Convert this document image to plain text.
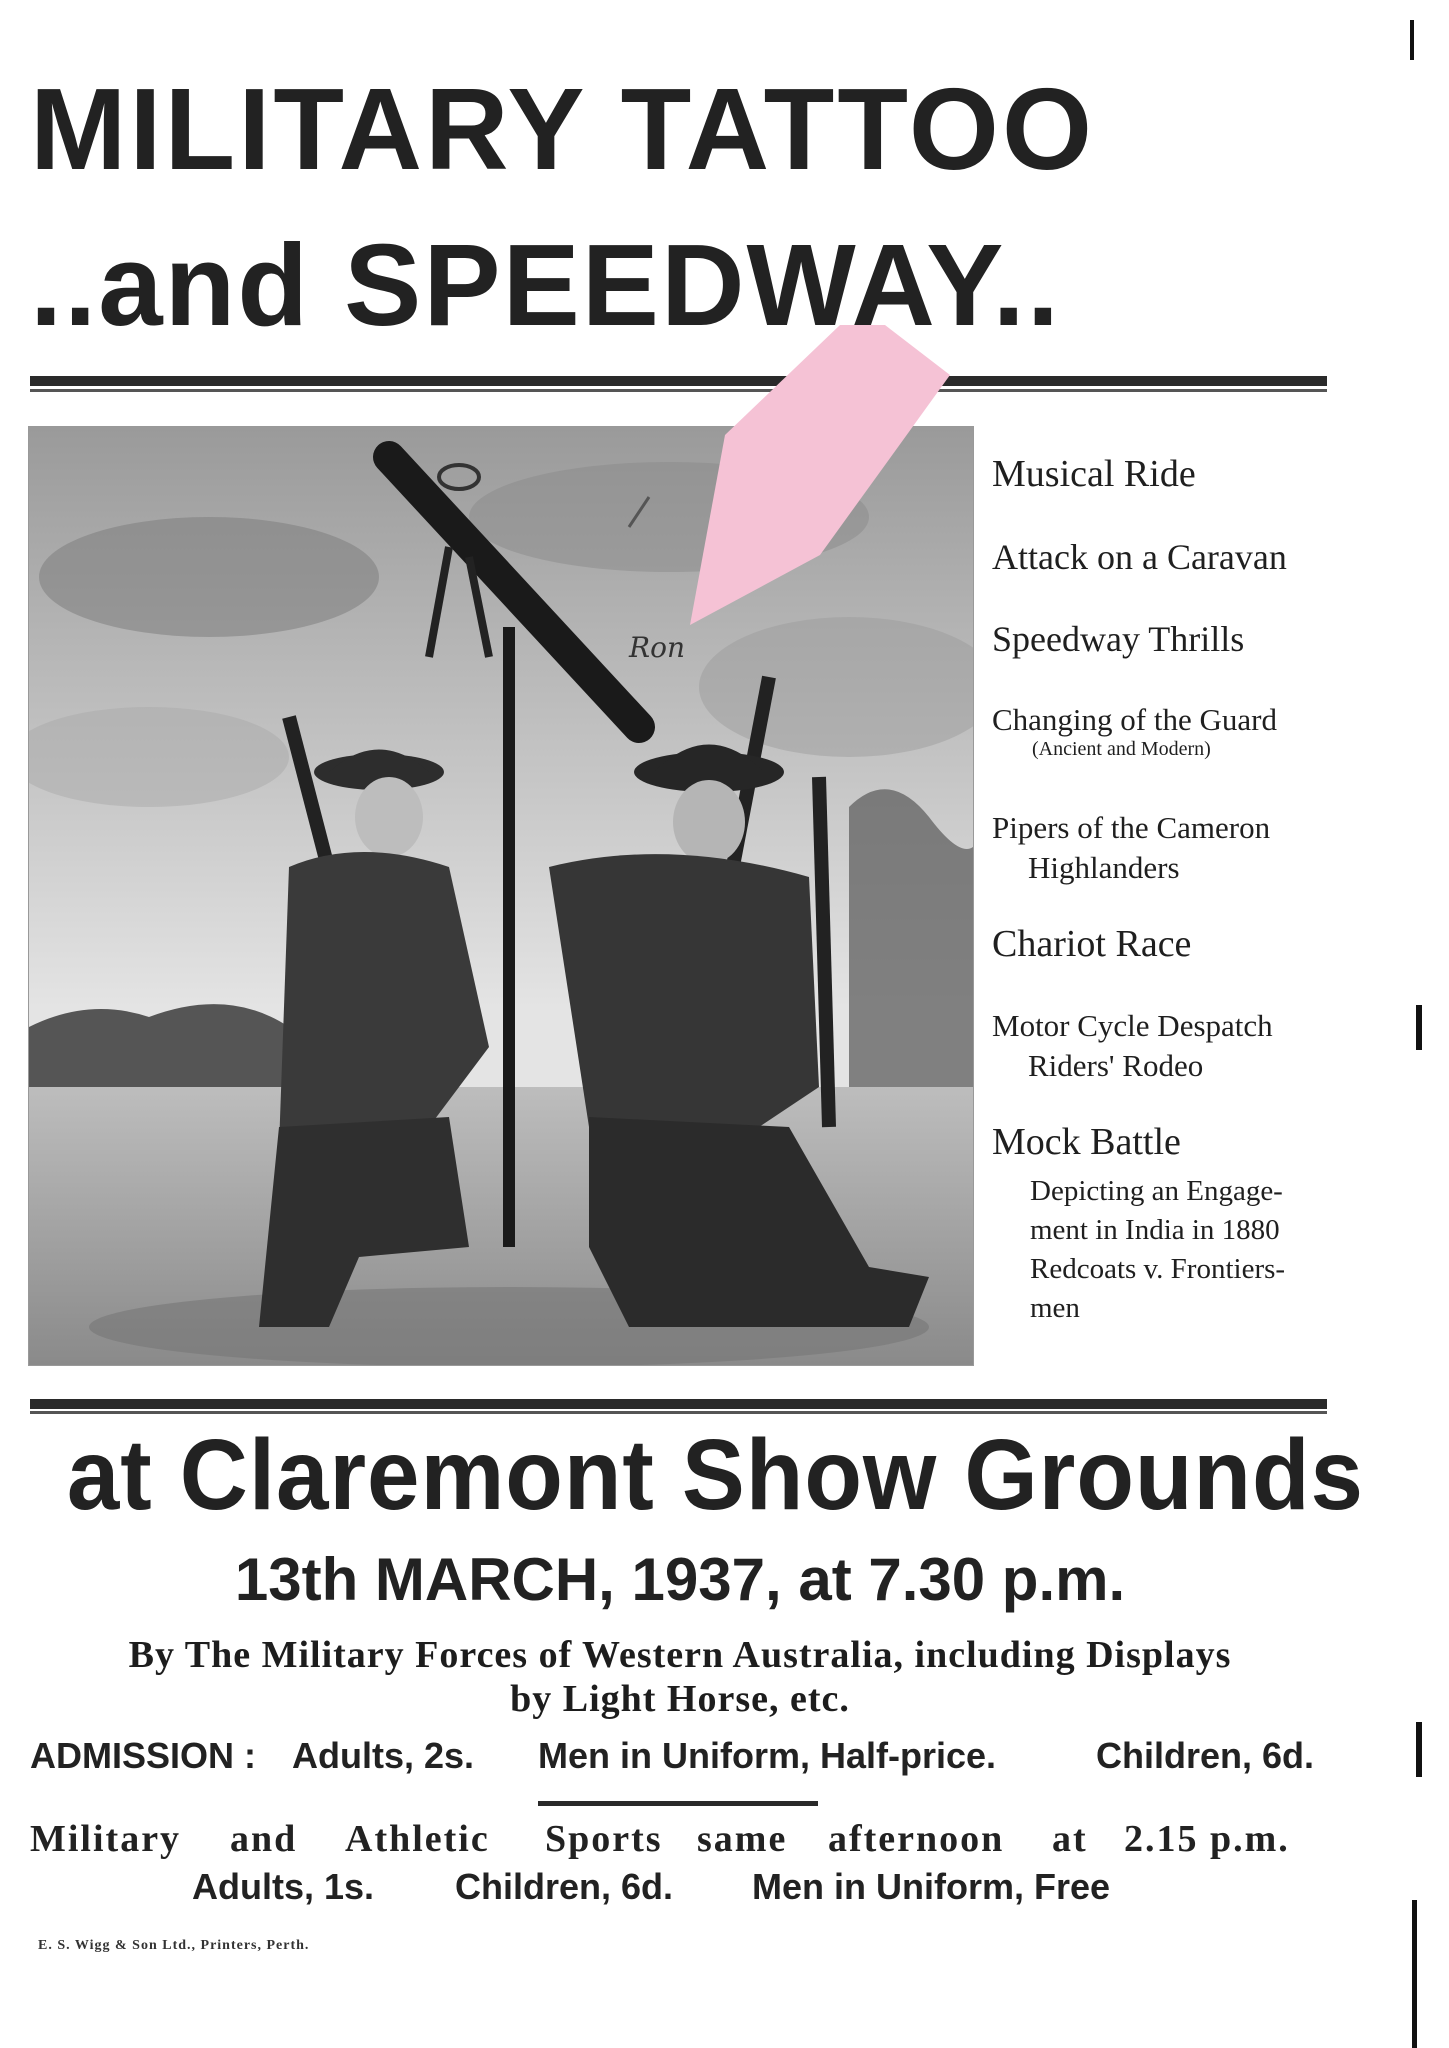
MILITARY TATTOO
..and SPEEDWAY..
Ron
Musical Ride
Attack on a Caravan
Speedway Thrills
Changing of the Guard
(Ancient and Modern)
Pipers of the Cameron
Highlanders
Chariot Race
Motor Cycle Despatch
Riders' Rodeo
Mock Battle
Depicting an Engage-
ment in India in 1880
Redcoats v. Frontiers-
men
at Claremont Show Grounds
13th MARCH, 1937, at 7.30 p.m.
By The Military Forces of Western Australia, including Displays
by Light Horse, etc.
ADMISSION : Adults, 2s. Men in Uniform, Half-price.	Children, 6d.
Military and Athletic Sports same afternoon at 2.15 p.m.
Adults, 1s. Children, 6d. Men in Uniform, Free
E. S. Wigg & Son Ltd., Printers, Perth.
